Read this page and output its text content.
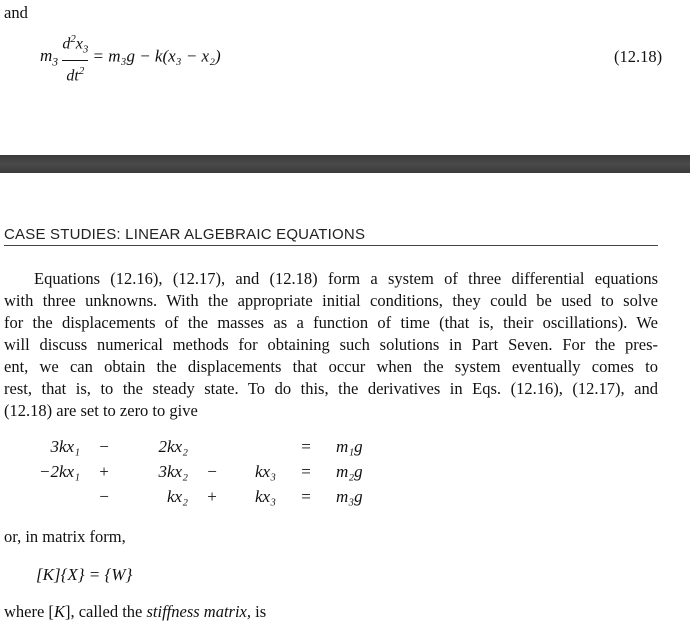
and
$m_3 \frac{d^2x_3}{dt^2} = m_3g - k(x_3 - x_2)$	(12.18)
CASE STUDIES: LINEAR ALGEBRAIC EQUATIONS
Equations (12.16), (12.17), and (12.18) form a system of three differential equations
with three unknowns. With the appropriate initial conditions, they could be used to solve
for the displacements of the masses as a function of time (that is, their oscillations). We
will discuss numerical methods for obtaining such solutions in Part Seven. For the pres-
ent, we can obtain the displacements that occur when the system eventually comes to
rest, that is, to the steady state. To do this, the derivatives in Eqs. (12.16), (12.17), and
(12.18) are set to zero to give
3kx₁	−	2kx₂			=	m₁g
−2kx₁	+	3kx₂	−	kx₃	=	m₂g
	−	kx₂	+	kx₃	=	m₃g
or, in matrix form,
[K]{X} = {W}
where [K], called the stiffness matrix, is
